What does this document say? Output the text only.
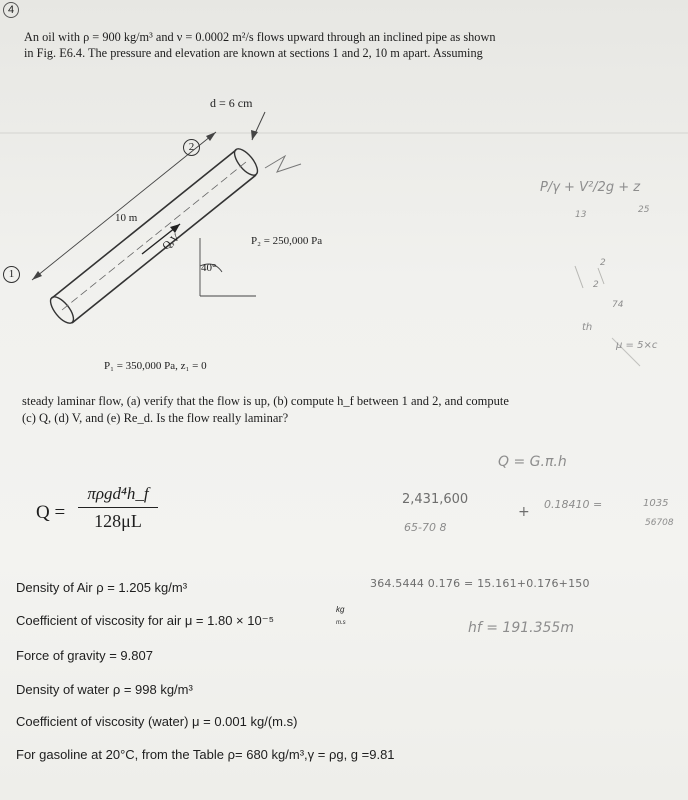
4
An oil with ρ = 900 kg/m³ and ν = 0.0002 m²/s flows upward through an inclined pipe as shown
in Fig. E6.4. The pressure and elevation are known at sections 1 and 2, 10 m apart. Assuming
d = 6 cm
2
1
10 m
Q,V	P₂ = 250,000 Pa
40°
P₁ = 350,000 Pa, z₁ = 0
P/γ + V²/2g + z
25
13
2
2
th
74
μ = 5×c
steady laminar flow, (a) verify that the flow is up, (b) compute h_f between 1 and 2, and compute
(c) Q, (d) V, and (e) Re_d. Is the flow really laminar?
Q =
πρgd⁴h_f
128μL
Q = G.π.h
2,431,600
+ 0.18410 =	1035
56708
65-70 8
Density of Air ρ = 1.205 kg/m³
Coefficient of viscosity for air μ = 1.80 × 10⁻⁵
kg
m.s
Force of gravity = 9.807
Density of water ρ = 998 kg/m³
Coefficient of viscosity (water) μ = 0.001 kg/(m.s)
For gasoline at 20°C, from the Table ρ= 680 kg/m³,γ = ρg, g =9.81
364.5444 0.176 = 15.161+0.176+150
hf = 191.355m
